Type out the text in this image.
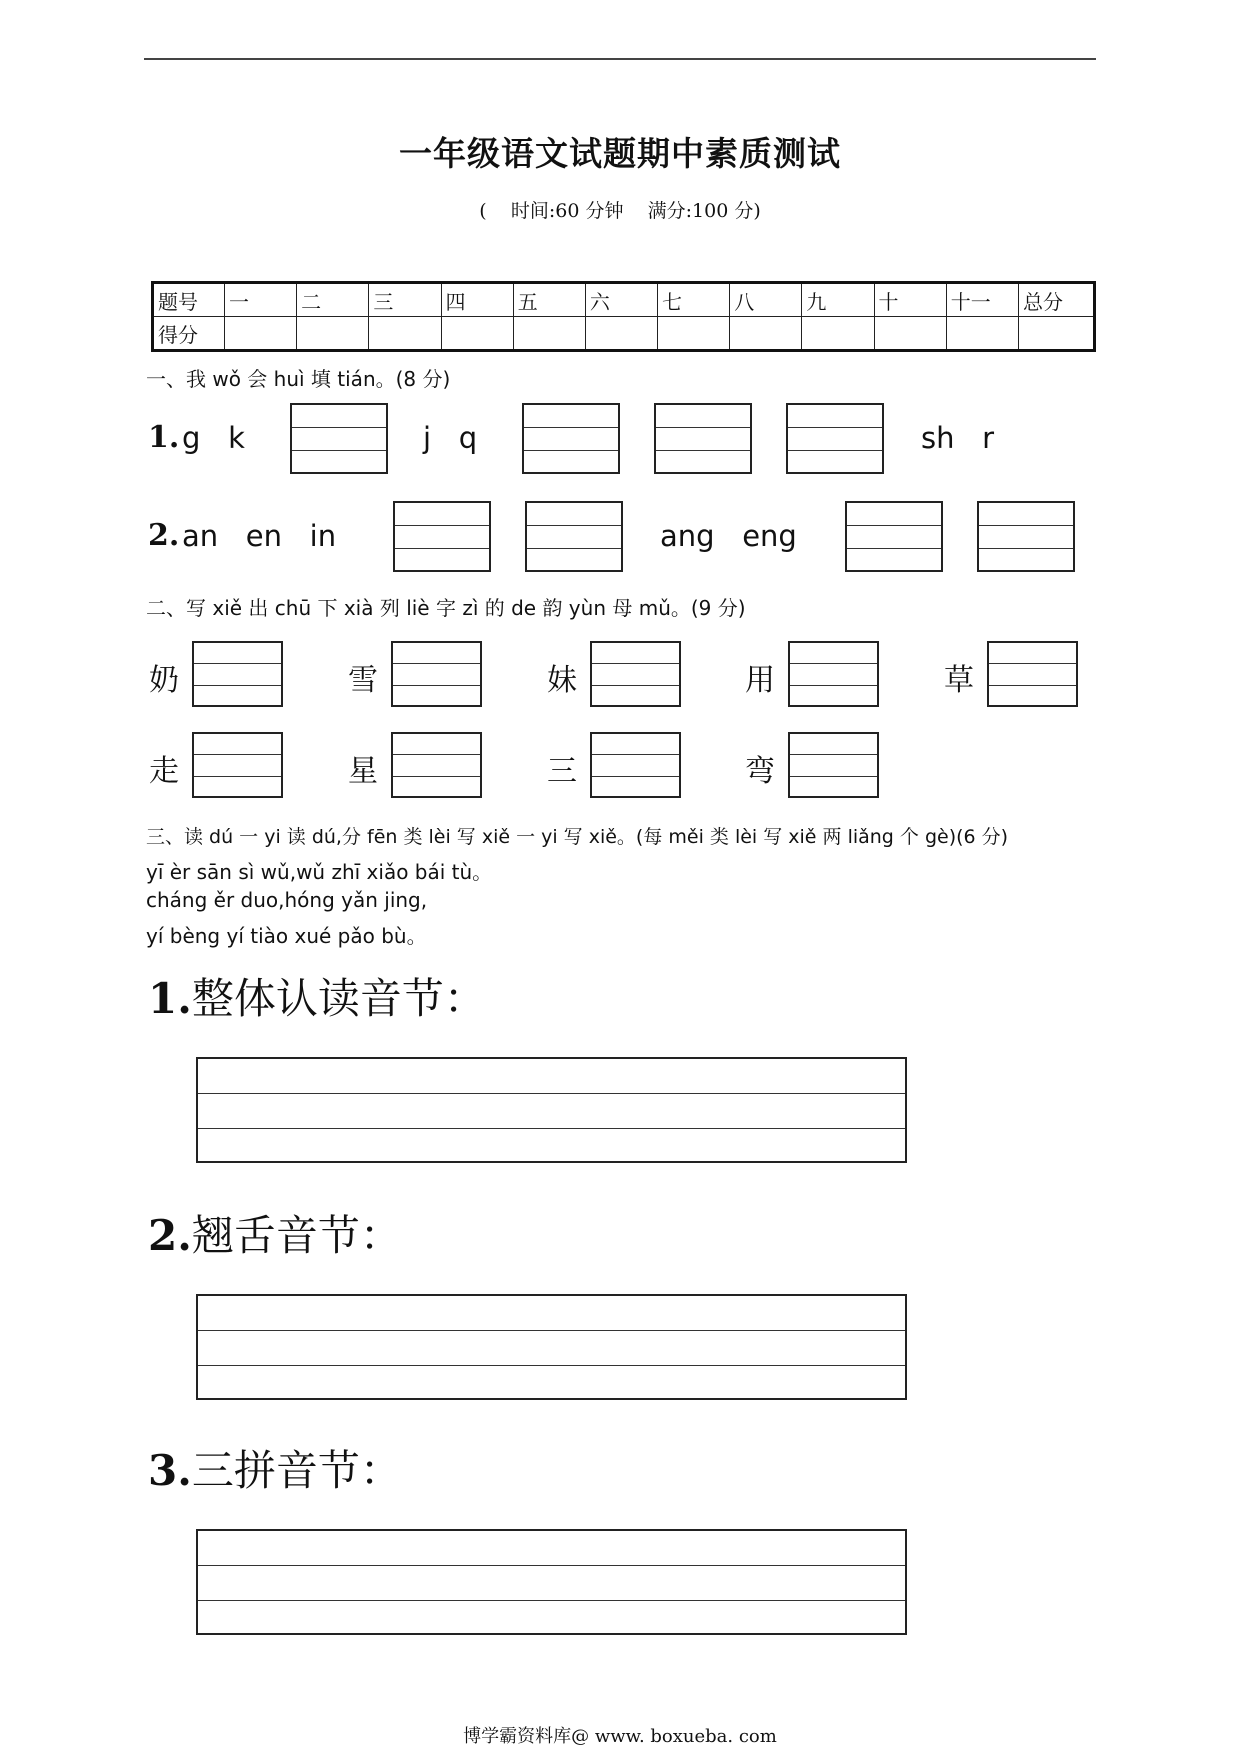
一年级语文试题期中素质测试
(    时间:60 分钟    满分:100 分)
题号	一	二	三	四	五	六	七	八	九	十	十一	总分
得分												
一、我 wǒ 会 huì 填 tián。(8 分)
1. g   k	j   q	sh   r
2. an   en   in	ang   eng
二、写 xiě 出 chū 下 xià 列 liè 字 zì 的 de 韵 yùn 母 mǔ。(9 分)
奶	雪	妹	用	草
走	星	三	弯
三、读 dú 一 yi 读 dú,分 fēn 类 lèi 写 xiě 一 yi 写 xiě。(每 měi 类 lèi 写 xiě 两 liǎng 个 gè)(6 分)
yī èr sān sì wǔ,wǔ zhī xiǎo bái tù。
cháng ěr duo,hóng yǎn jing,
yí bèng yí tiào xué pǎo bù。
1.整体认读音节：
2.翘舌音节：
3.三拼音节：
博学霸资料库@ www. boxueba. com
